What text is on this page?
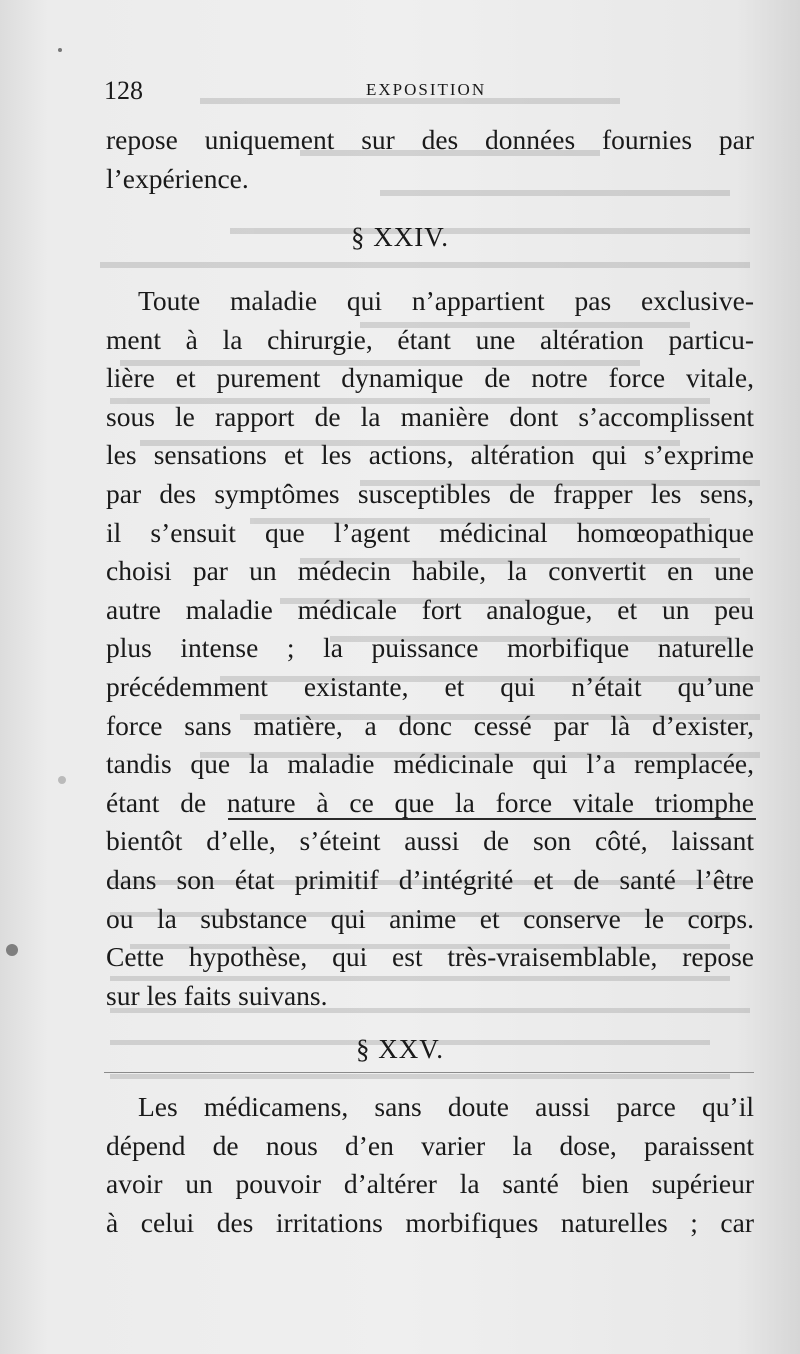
128	EXPOSITION
repose uniquement sur des données fournies par
l’expérience.
§ XXIV.
Toute maladie qui n’appartient pas exclusive-
ment à la chirurgie, étant une altération particu-
lière et purement dynamique de notre force vitale,
sous le rapport de la manière dont s’accomplissent
les sensations et les actions, altération qui s’exprime
par des symptômes susceptibles de frapper les sens,
il s’ensuit que l’agent médicinal homœopathique
choisi par un médecin habile, la convertit en une
autre maladie médicale fort analogue, et un peu
plus intense ; la puissance morbifique naturelle
précédemment existante, et qui n’était qu’une
force sans matière, a donc cessé par là d’exister,
tandis que la maladie médicinale qui l’a remplacée,
étant de nature à ce que la force vitale triomphe
bientôt d’elle, s’éteint aussi de son côté, laissant
dans son état primitif d’intégrité et de santé l’être
ou la substance qui anime et conserve le corps.
Cette hypothèse, qui est très-vraisemblable, repose
sur les faits suivans.
§ XXV.
Les médicamens, sans doute aussi parce qu’il
dépend de nous d’en varier la dose, paraissent
avoir un pouvoir d’altérer la santé bien supérieur
à celui des irritations morbifiques naturelles ; car
